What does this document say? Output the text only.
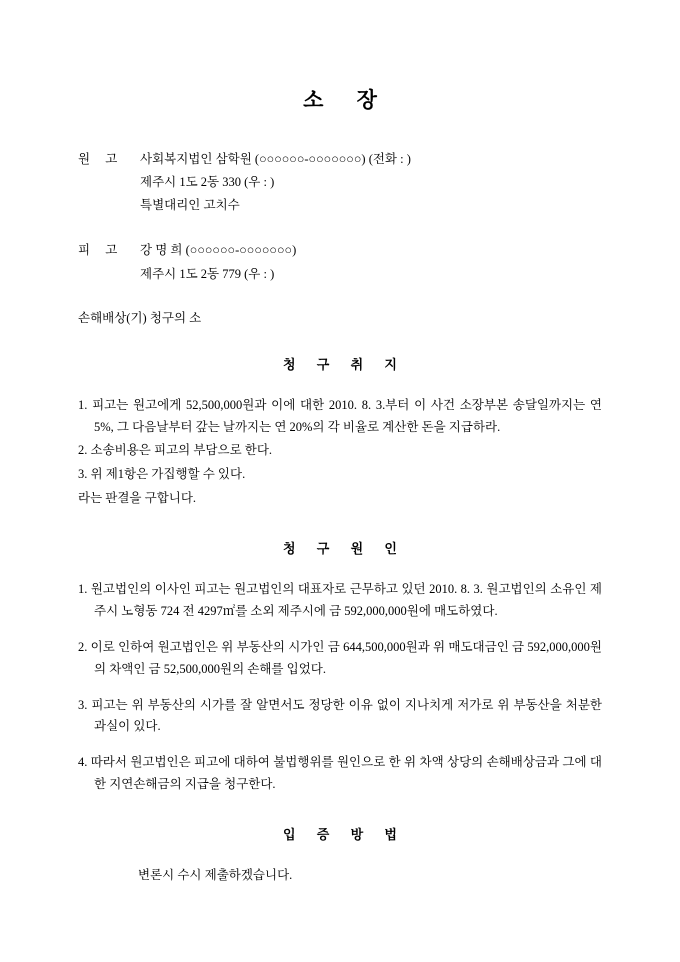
소 장
원 고	사회복지법인 삼학원 (○○○○○○-○○○○○○○) (전화 : )
제주시 1도 2동 330 (우 : )
특별대리인 고치수
피 고	강 명 희 (○○○○○○-○○○○○○○)
제주시 1도 2동 779 (우 : )
손해배상(기) 청구의 소
청 구 취 지

1. 피고는 원고에게 52,500,000원과 이에 대한 2010. 8. 3.부터 이 사건 소장부본 송달일까지는 연 5%, 그 다음날부터 갚는 날까지는 연 20%의 각 비율로 계산한 돈을 지급하라.

2. 소송비용은 피고의 부담으로 한다.

3. 위 제1항은 가집행할 수 있다.

라는 판결을 구합니다.

청 구 원 인

1. 원고법인의 이사인 피고는 원고법인의 대표자로 근무하고 있던 2010. 8. 3. 원고법인의 소유인 제주시 노형동 724 전 4297㎡를 소외 제주시에 금 592,000,000원에 매도하였다.

2. 이로 인하여 원고법인은 위 부동산의 시가인 금 644,500,000원과 위 매도대금인 금 592,000,000원의 차액인 금 52,500,000원의 손해를 입었다.

3. 피고는 위 부동산의 시가를 잘 알면서도 정당한 이유 없이 지나치게 저가로 위 부동산을 처분한 과실이 있다.

4. 따라서 원고법인은 피고에 대하여 불법행위를 원인으로 한 위 차액 상당의 손해배상금과 그에 대한 지연손해금의 지급을 청구한다.

입 증 방 법
변론시 수시 제출하겠습니다.
